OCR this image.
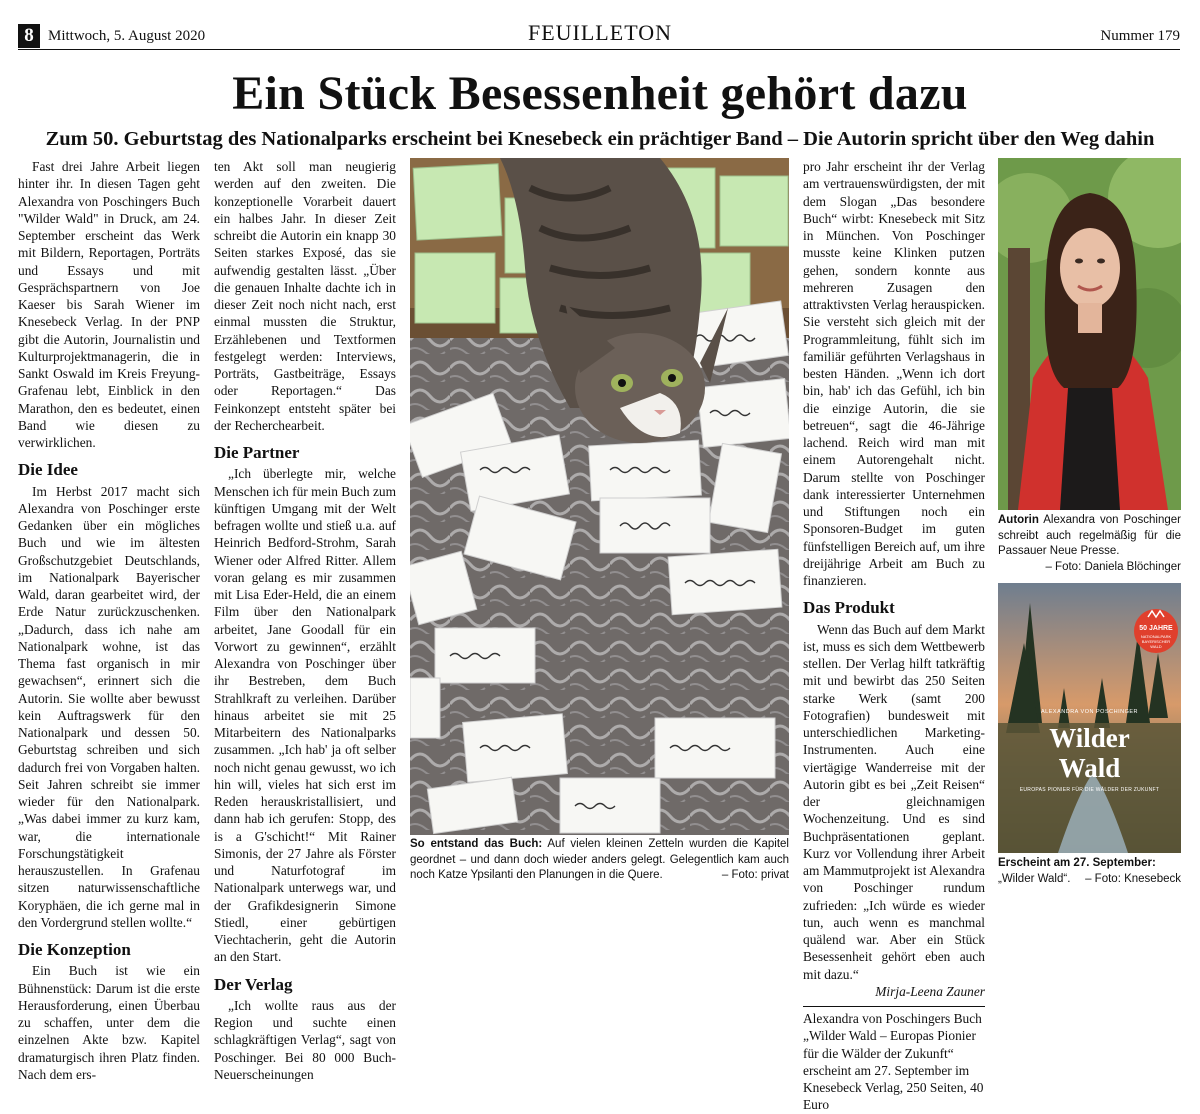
8 Mittwoch, 5. August 2020	FEUILLETON	Nummer 179
Ein Stück Besessenheit gehört dazu
Zum 50. Geburtstag des Nationalparks erscheint bei Knesebeck ein prächtiger Band – Die Autorin spricht über den Weg dahin

Fast drei Jahre Arbeit liegen hinter ihr. In diesen Tagen geht Alexandra von Poschingers Buch "Wilder Wald" in Druck, am 24. September erscheint das Werk mit Bildern, Reportagen, Porträts und Essays und mit Gesprächspartnern von Joe Kaeser bis Sarah Wiener im Knesebeck Verlag. In der PNP gibt die Autorin, Journalistin und Kulturprojektmanagerin, die in Sankt Oswald im Kreis Freyung-Grafenau lebt, Einblick in den Marathon, den es bedeutet, einen Band wie diesen zu verwirklichen.

Die Idee

Im Herbst 2017 macht sich Alexandra von Poschinger erste Gedanken über ein mögliches Buch und wie im ältesten Großschutzgebiet Deutschlands, im Nationalpark Bayerischer Wald, daran gearbeitet wird, der Erde Natur zurückzuschenken. „Dadurch, dass ich nahe am Nationalpark wohne, ist das Thema fast organisch in mir gewachsen“, erinnert sich die Autorin. Sie wollte aber bewusst kein Auftragswerk für den Nationalpark und dessen 50. Geburtstag schreiben und sich dadurch frei von Vorgaben halten. Seit Jahren schreibt sie immer wieder für den Nationalpark. „Was dabei immer zu kurz kam, war, die internationale Forschungstätigkeit herauszustellen. In Grafenau sitzen naturwissenschaftliche Koryphäen, die ich gerne mal in den Vordergrund stellen wollte.“

Die Konzeption

Ein Buch ist wie ein Bühnenstück: Darum ist die erste Herausforderung, einen Überbau zu schaffen, unter dem die einzelnen Akte bzw. Kapitel dramaturgisch ihren Platz finden. Nach dem ers-

ten Akt soll man neugierig werden auf den zweiten. Die konzeptionelle Vorarbeit dauert ein halbes Jahr. In dieser Zeit schreibt die Autorin ein knapp 30 Seiten starkes Exposé, das sie aufwendig gestalten lässt. „Über die genauen Inhalte dachte ich in dieser Zeit noch nicht nach, erst einmal mussten die Struktur, Erzählebenen und Textformen festgelegt werden: Interviews, Porträts, Gastbeiträge, Essays oder Reportagen.“ Das Feinkonzept entsteht später bei der Recherchearbeit.

Die Partner

„Ich überlegte mir, welche Menschen ich für mein Buch zum künftigen Umgang mit der Welt befragen wollte und stieß u.a. auf Heinrich Bedford-Strohm, Sarah Wiener oder Alfred Ritter. Allem voran gelang es mir zusammen mit Lisa Eder-Held, die an einem Film über den Nationalpark arbeitet, Jane Goodall für ein Vorwort zu gewinnen“, erzählt Alexandra von Poschinger über ihr Bestreben, dem Buch Strahlkraft zu verleihen. Darüber hinaus arbeitet sie mit 25 Mitarbeitern des Nationalparks zusammen. „Ich hab' ja oft selber noch nicht genau gewusst, wo ich hin will, vieles hat sich erst im Reden herauskristallisiert, und dann hab ich gerufen: Stopp, des is a G'schicht!“ Mit Rainer Simonis, der 27 Jahre als Förster und Naturfotograf im Nationalpark unterwegs war, und der Grafikdesignerin Simone Stiedl, einer gebürtigen Viechtacherin, geht die Autorin an den Start.

Der Verlag

„Ich wollte raus aus der Region und suchte einen schlagkräftigen Verlag“, sagt von Poschinger. Bei 80 000 Buch-Neuerscheinungen

So entstand das Buch: Auf vielen kleinen Zetteln wurden die Kapitel geordnet – und dann doch wieder anders gelegt. Gelegentlich kam auch noch Katze Ypsilanti den Planungen in die Quere.	– Foto: privat

pro Jahr erscheint ihr der Verlag am vertrauenswürdigsten, der mit dem Slogan „Das besondere Buch“ wirbt: Knesebeck mit Sitz in München. Von Poschinger musste keine Klinken putzen gehen, sondern konnte aus mehreren Zusagen den attraktivsten Verlag herauspicken. Sie versteht sich gleich mit der Programmleitung, fühlt sich im familiär geführten Verlagshaus in besten Händen. „Wenn ich dort bin, hab' ich das Gefühl, ich bin die einzige Autorin, die sie betreuen“, sagt die 46-Jährige lachend. Reich wird man mit einem Autorengehalt nicht. Darum stellte von Poschinger dank interessierter Unternehmen und Stiftungen noch ein Sponsoren-Budget im guten fünfstelligen Bereich auf, um ihre dreijährige Arbeit am Buch zu finanzieren.

Das Produkt

Wenn das Buch auf dem Markt ist, muss es sich dem Wettbewerb stellen. Der Verlag hilft tatkräftig mit und bewirbt das 250 Seiten starke Werk (samt 200 Fotografien) bundesweit mit unterschiedlichen Marketing-Instrumenten. Auch eine viertägige Wanderreise mit der Autorin gibt es bei „Zeit Reisen“ der gleichnamigen Wochenzeitung. Und es sind Buchpräsentationen geplant. Kurz vor Vollendung ihrer Arbeit am Mammutprojekt ist Alexandra von Poschinger rundum zufrieden: „Ich würde es wieder tun, auch wenn es manchmal quälend war. Aber ein Stück Besessenheit gehört eben auch mit dazu.“

Mirja-Leena Zauner

Alexandra von Poschingers Buch „Wilder Wald – Europas Pionier für die Wälder der Zukunft“ erscheint am 27. September im Knesebeck Verlag, 250 Seiten, 40 Euro

Autorin Alexandra von Poschinger schreibt auch regelmäßig für die Passauer Neue Presse.

– Foto: Daniela Blöchinger
50 JAHRE
NATIONALPARK BAYERISCHER WALD
ALEXANDRA VON POSCHINGER
Wilder
Wald
EUROPAS PIONIER FÜR DIE WÄLDER DER ZUKUNFT
Erscheint am 27. September: „Wilder Wald“. – Foto: Knesebeck
